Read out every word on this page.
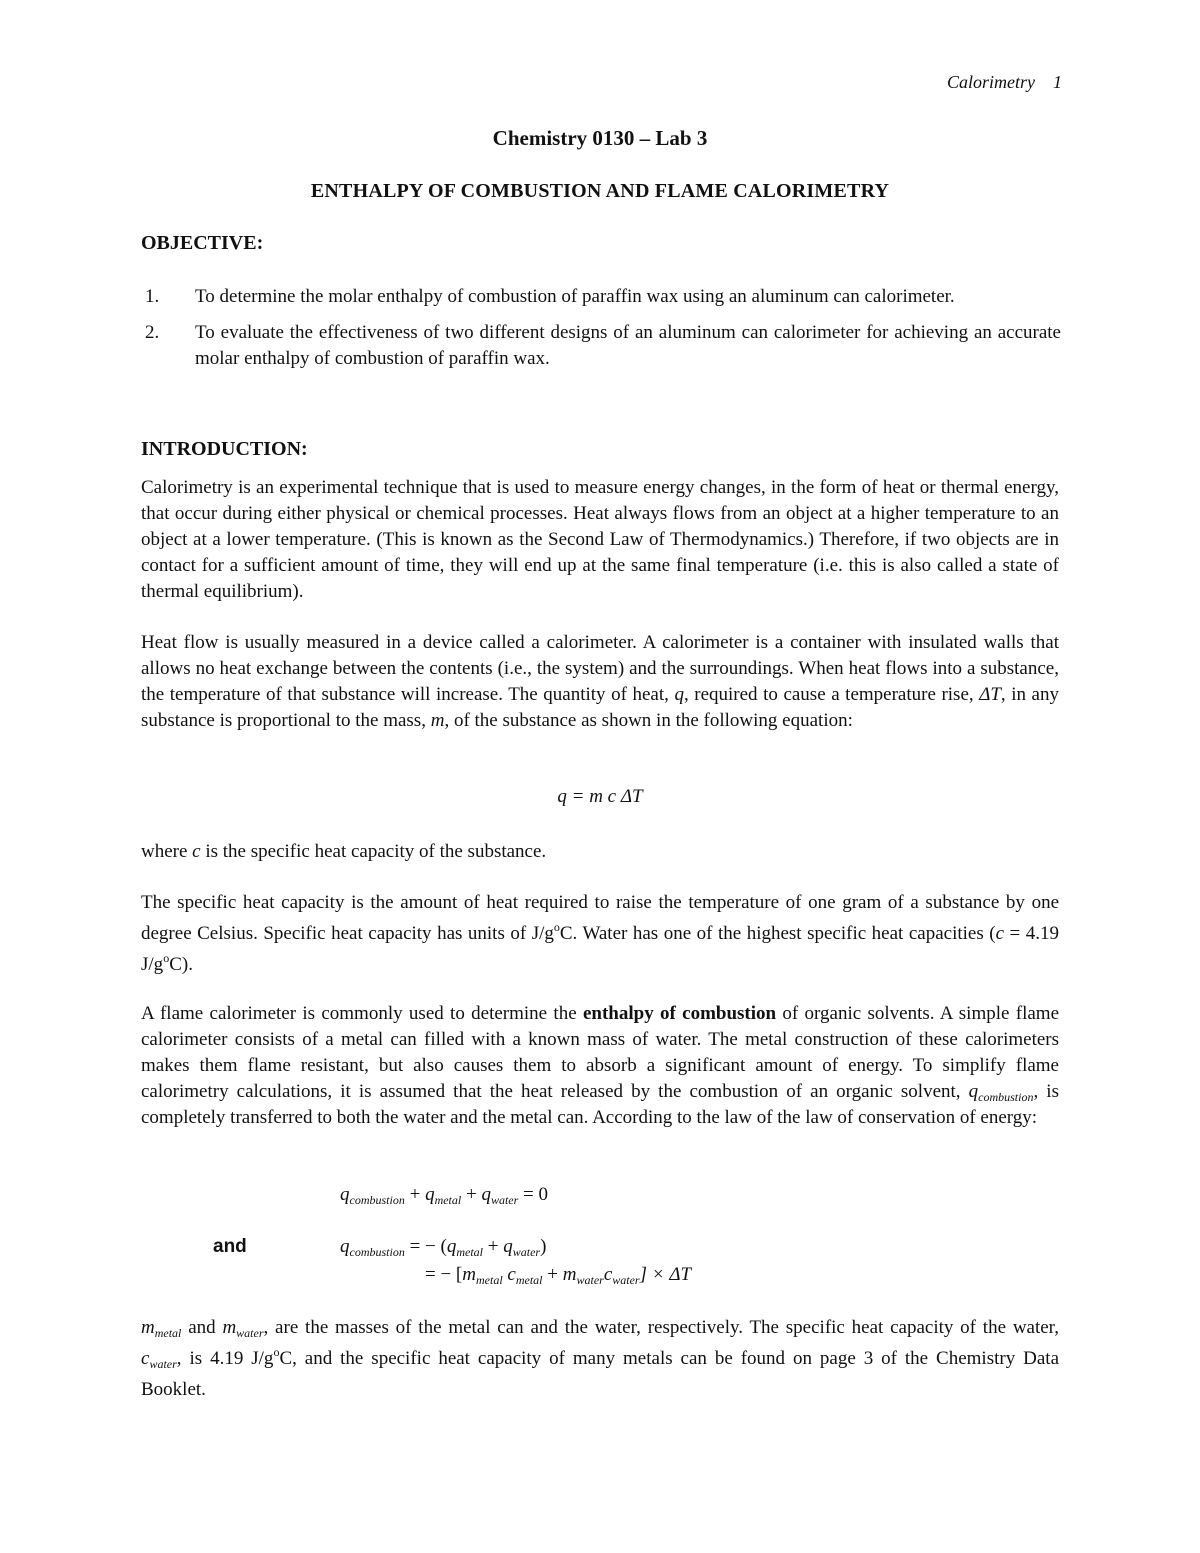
Calorimetry 1
Chemistry 0130 – Lab 3
ENTHALPY OF COMBUSTION AND FLAME CALORIMETRY
OBJECTIVE:
1. To determine the molar enthalpy of combustion of paraffin wax using an aluminum can calorimeter.
2. To evaluate the effectiveness of two different designs of an aluminum can calorimeter for achieving an accurate molar enthalpy of combustion of paraffin wax.
INTRODUCTION:

Calorimetry is an experimental technique that is used to measure energy changes, in the form of heat or thermal energy, that occur during either physical or chemical processes. Heat always flows from an object at a higher temperature to an object at a lower temperature. (This is known as the Second Law of Thermodynamics.) Therefore, if two objects are in contact for a sufficient amount of time, they will end up at the same final temperature (i.e. this is also called a state of thermal equilibrium).

Heat flow is usually measured in a device called a calorimeter. A calorimeter is a container with insulated walls that allows no heat exchange between the contents (i.e., the system) and the surroundings. When heat flows into a substance, the temperature of that substance will increase. The quantity of heat, q, required to cause a temperature rise, ΔT, in any substance is proportional to the mass, m, of the substance as shown in the following equation:

q = m c ΔT

where c is the specific heat capacity of the substance.

The specific heat capacity is the amount of heat required to raise the temperature of one gram of a substance by one degree Celsius. Specific heat capacity has units of $J/g^oC$. Water has one of the highest specific heat capacities (c = 4.19 $J/g^oC$).

A flame calorimeter is commonly used to determine the enthalpy of combustion of organic solvents. A simple flame calorimeter consists of a metal can filled with a known mass of water. The metal construction of these calorimeters makes them flame resistant, but also causes them to absorb a significant amount of energy. To simplify flame calorimetry calculations, it is assumed that the heat released by the combustion of an organic solvent, $q_{combustion}$, is completely transferred to both the water and the metal can. According to the law of the law of conservation of energy:

$q_{combustion} + q_{metal} + q_{water} = 0$
and	$q_{combustion}$ = − $(q_{metal} + q_{water})$
= − [$m_{metal}$ $c_{metal} + m_{water}c_{water}] \times \Delta T$

$m_{metal}$ and $m_{water}$, are the masses of the metal can and the water, respectively. The specific heat capacity of the water, $c_{water}$, is 4.19 $J/g^oC$, and the specific heat capacity of many metals can be found on page 3 of the Chemistry Data Booklet.
